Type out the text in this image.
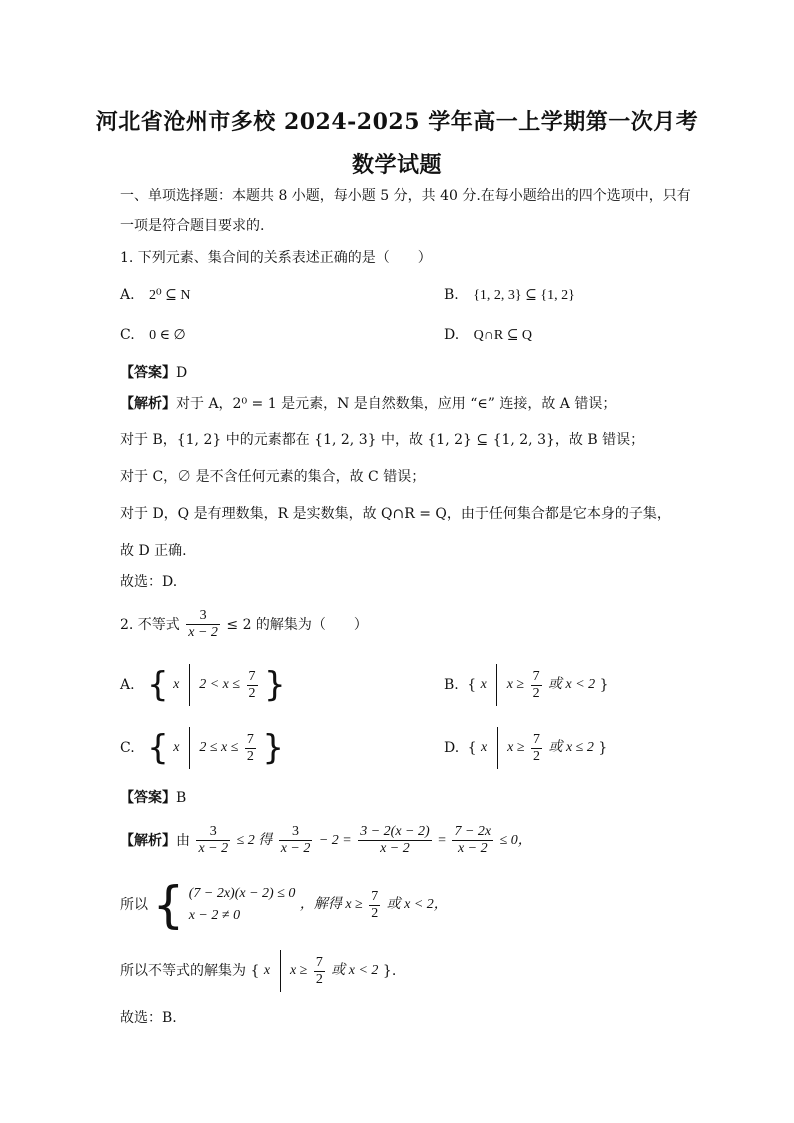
河北省沧州市多校 2024-2025 学年高一上学期第一次月考
数学试题
一、单项选择题：本题共 8 小题，每小题 5 分，共 40 分.在每小题给出的四个选项中，只有
一项是符合题目要求的.
1. 下列元素、集合间的关系表述正确的是（　　）
A. 2⁰ ⊆ N	B. {1, 2, 3} ⊆ {1, 2}
C. 0 ∈ ∅	D. Q∩R ⊆ Q
【答案】D
【解析】对于 A，2⁰ = 1 是元素，N 是自然数集，应用 “∈” 连接，故 A 错误；
对于 B，{1, 2} 中的元素都在 {1, 2, 3} 中，故 {1, 2} ⊆ {1, 2, 3}，故 B 错误；
对于 C，∅ 是不含任何元素的集合，故 C 错误；
对于 D，Q 是有理数集，R 是实数集，故 Q∩R = Q，由于任何集合都是它本身的子集，
故 D 正确.
故选：D.
2. 不等式 $\frac{3}{x - 2} \le 2$ 的解集为（　　）
A. { x $2 < x \le \frac{7}{2}$ }	B. { x $x \ge \frac{7}{2}$ 或 x < 2 }
C. { x $2 \le x \le \frac{7}{2}$ }	D. { x $x \ge \frac{7}{2}$ 或 x ≤ 2 }
【答案】B
【解析】由 $\frac{3}{x - 2} \le 2$ 得 $\frac{3}{x - 2} - 2 = \frac{3 - 2(x - 2)}{x - 2} = \frac{7 - 2x}{x - 2} \le 0$，
所以 { (7 − 2x)(x − 2) ≤ 0
x − 2 ≠ 0
，解得 $x \ge \frac{7}{2}$ 或 x < 2，
所以不等式的解集为 { x $x \ge \frac{7}{2}$ 或 x < 2 }.
故选：B.
